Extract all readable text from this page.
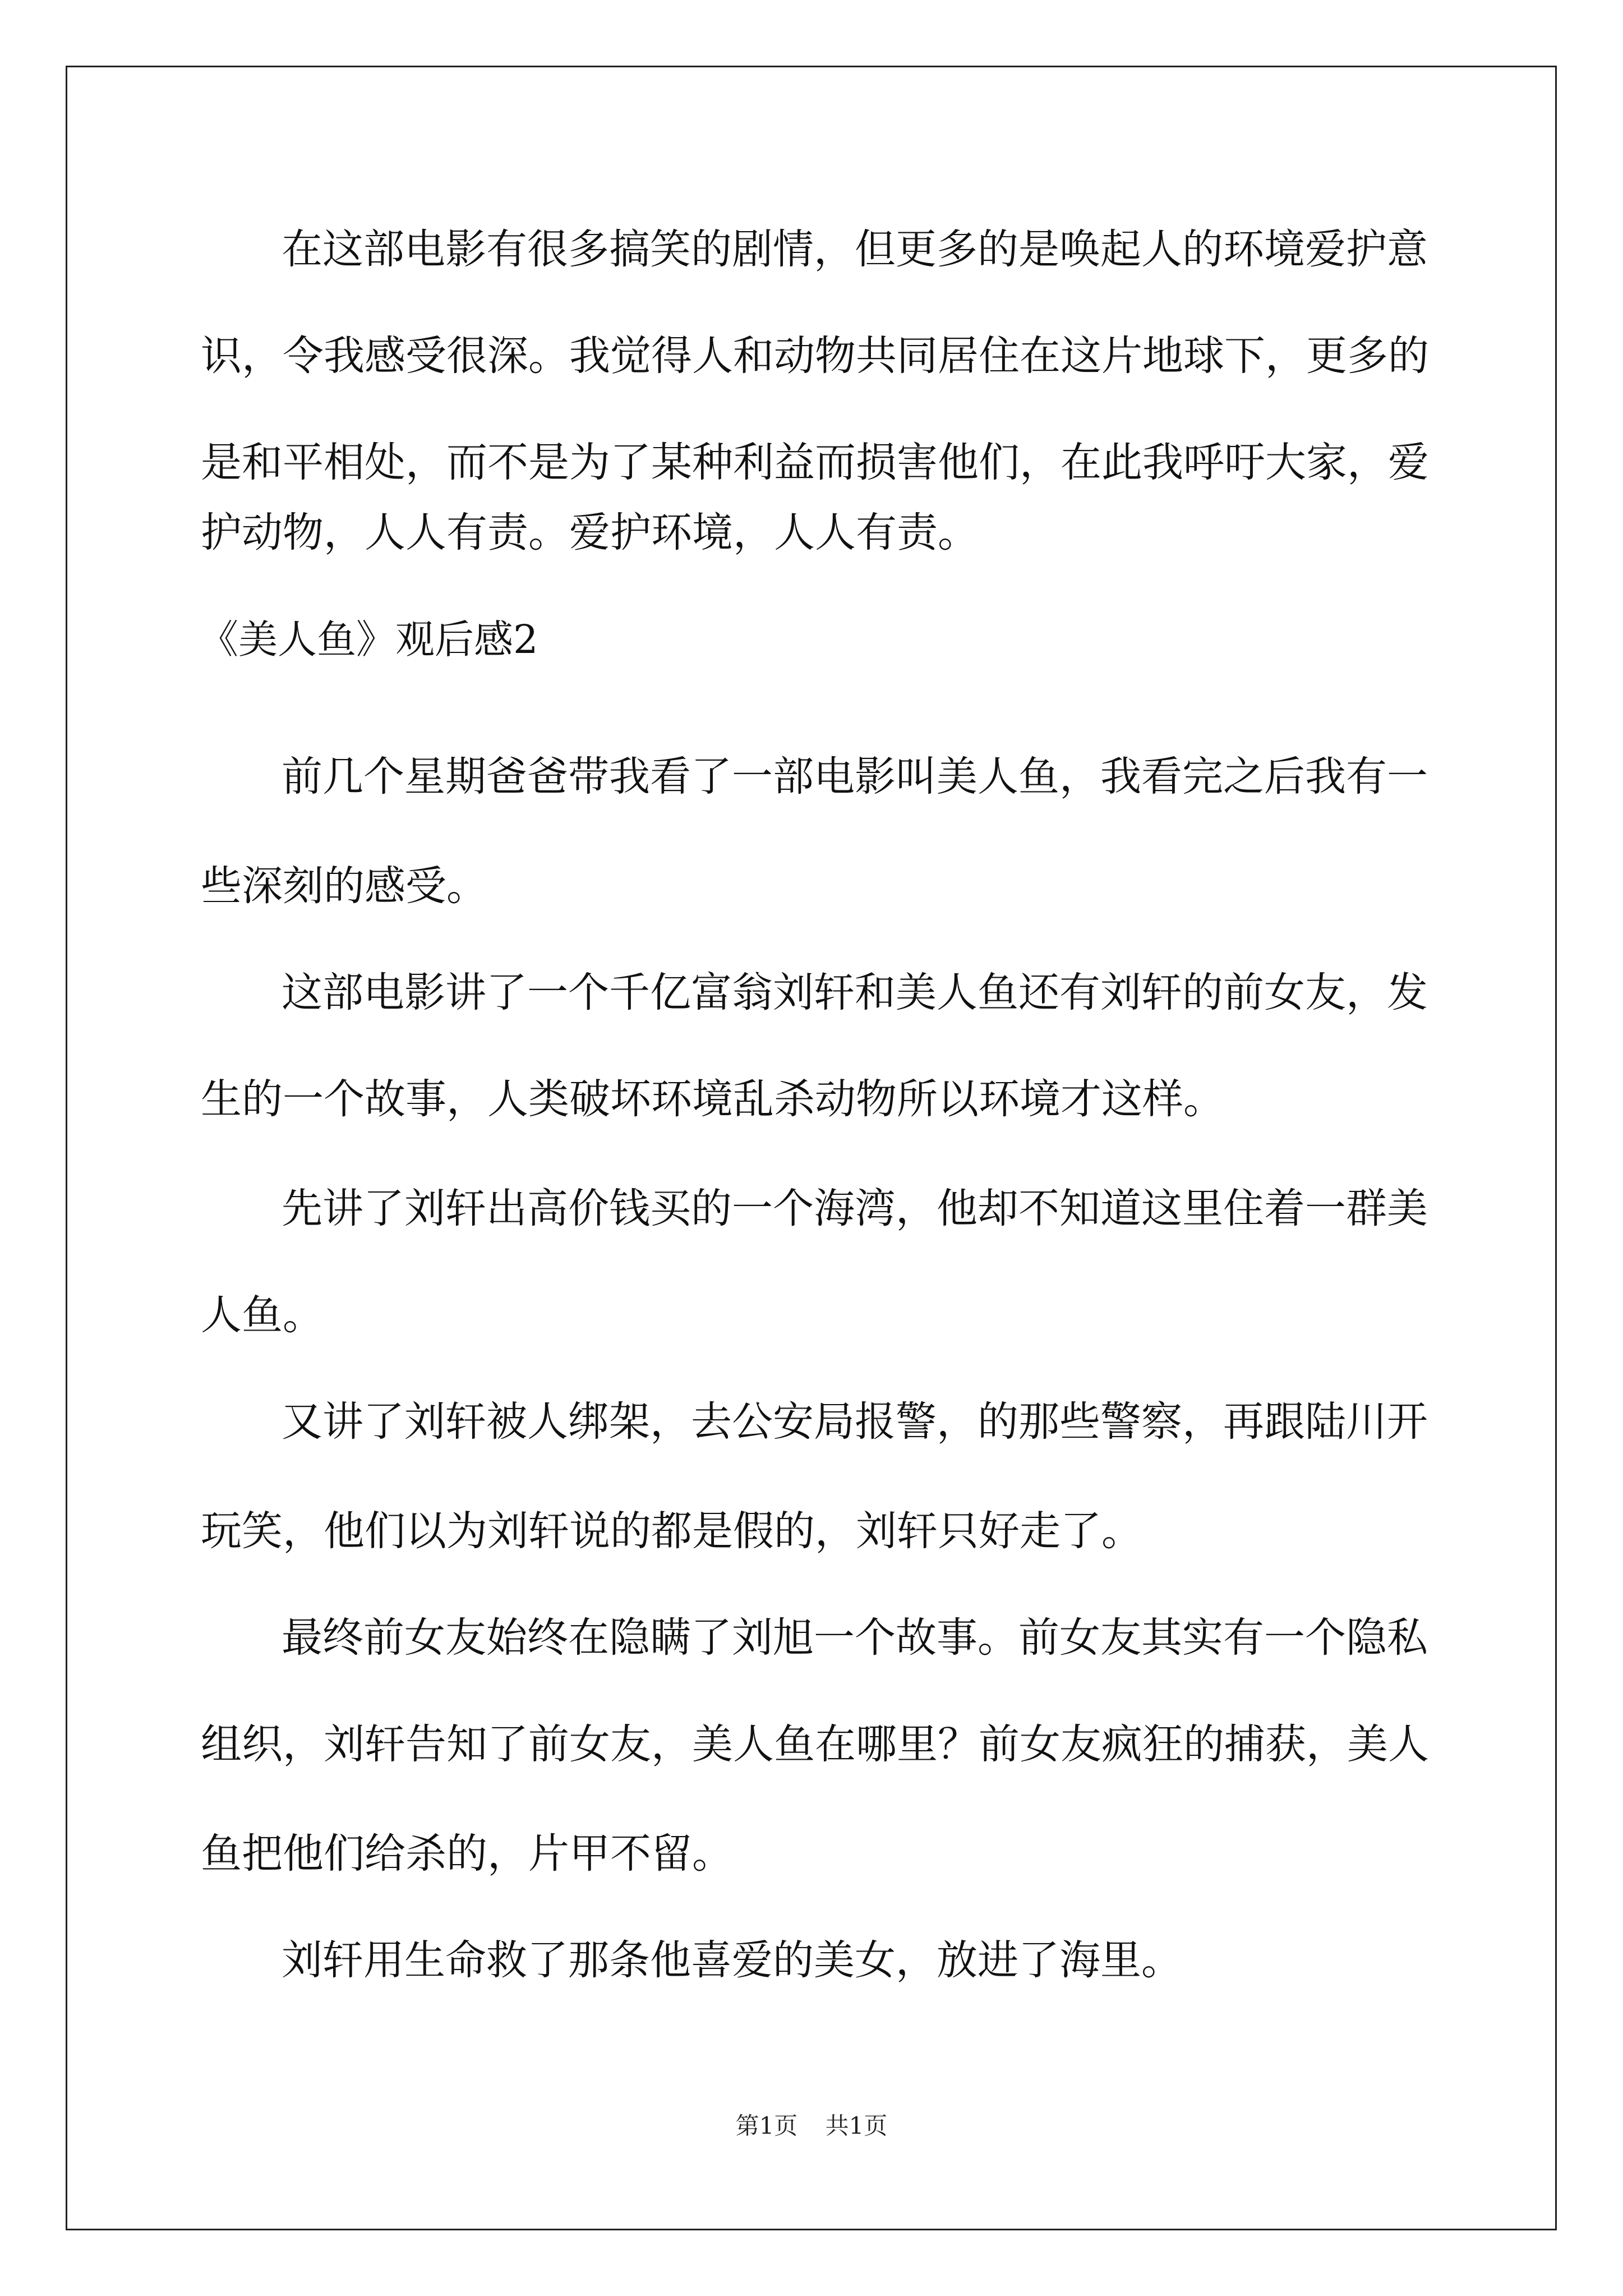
在这部电影有很多搞笑的剧情，但更多的是唤起人的环境爱护意
识，令我感受很深。我觉得人和动物共同居住在这片地球下，更多的
是和平相处，而不是为了某种利益而损害他们，在此我呼吁大家，爱
护动物，人人有责。爱护环境，人人有责。
《美人鱼》观后感2
前几个星期爸爸带我看了一部电影叫美人鱼，我看完之后我有一
些深刻的感受。
这部电影讲了一个千亿富翁刘轩和美人鱼还有刘轩的前女友，发
生的一个故事，人类破坏环境乱杀动物所以环境才这样。
先讲了刘轩出高价钱买的一个海湾，他却不知道这里住着一群美
人鱼。
又讲了刘轩被人绑架，去公安局报警，的那些警察，再跟陆川开
玩笑，他们以为刘轩说的都是假的，刘轩只好走了。
最终前女友始终在隐瞒了刘旭一个故事。前女友其实有一个隐私
组织，刘轩告知了前女友，美人鱼在哪里？前女友疯狂的捕获，美人
鱼把他们给杀的，片甲不留。
刘轩用生命救了那条他喜爱的美女，放进了海里。
第1页 共1页
